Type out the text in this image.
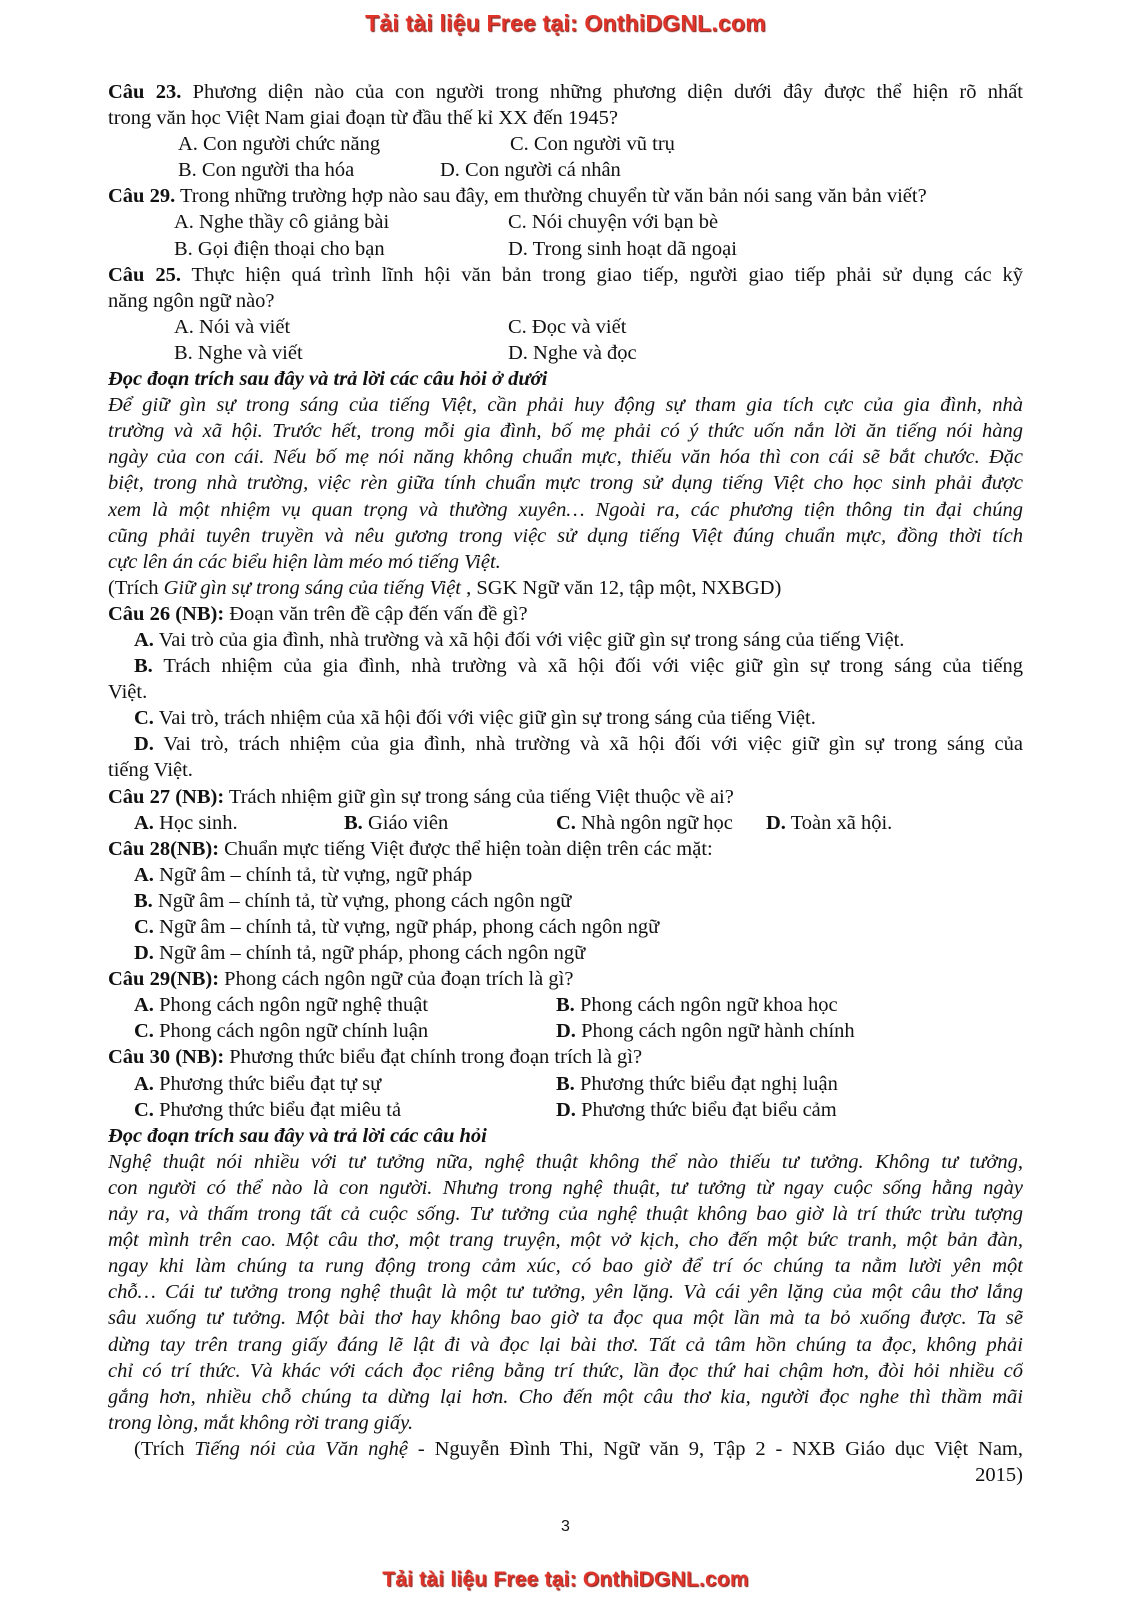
Tải tài liệu Free tại: OnthiDGNL.com
Câu 23. Phương diện nào của con người trong những phương diện dưới đây được thể hiện rõ nhất
trong văn học Việt Nam giai đoạn từ đầu thế kỉ XX đến 1945?
A. Con người chức năng	C. Con người vũ trụ
B. Con người tha hóa	D. Con người cá nhân
Câu 29. Trong những trường hợp nào sau đây, em thường chuyển từ văn bản nói sang văn bản viết?
A. Nghe thầy cô giảng bài	C. Nói chuyện với bạn bè
B. Gọi điện thoại cho bạn	D. Trong sinh hoạt dã ngoại
Câu 25. Thực hiện quá trình lĩnh hội văn bản trong giao tiếp, người giao tiếp phải sử dụng các kỹ
năng ngôn ngữ nào?
A. Nói và viết	C. Đọc và viết
B. Nghe và viết	D. Nghe và đọc
Đọc đoạn trích sau đây và trả lời các câu hỏi ở dưới
Để giữ gìn sự trong sáng của tiếng Việt, cần phải huy động sự tham gia tích cực của gia đình, nhà
trường và xã hội. Trước hết, trong mỗi gia đình, bố mẹ phải có ý thức uốn nắn lời ăn tiếng nói hàng
ngày của con cái. Nếu bố mẹ nói năng không chuẩn mực, thiếu văn hóa thì con cái sẽ bắt chước. Đặc
biệt, trong nhà trường, việc rèn giữa tính chuẩn mực trong sử dụng tiếng Việt cho học sinh phải được
xem là một nhiệm vụ quan trọng và thường xuyên… Ngoài ra, các phương tiện thông tin đại chúng
cũng phải tuyên truyền và nêu gương trong việc sử dụng tiếng Việt đúng chuẩn mực, đồng thời tích
cực lên án các biểu hiện làm méo mó tiếng Việt.
(Trích Giữ gìn sự trong sáng của tiếng Việt , SGK Ngữ văn 12, tập một, NXBGD)
Câu 26 (NB): Đoạn văn trên đề cập đến vấn đề gì?
A. Vai trò của gia đình, nhà trường và xã hội đối với việc giữ gìn sự trong sáng của tiếng Việt.
B. Trách nhiệm của gia đình, nhà trường và xã hội đối với việc giữ gìn sự trong sáng của tiếng
Việt.
C. Vai trò, trách nhiệm của xã hội đối với việc giữ gìn sự trong sáng của tiếng Việt.
D. Vai trò, trách nhiệm của gia đình, nhà trường và xã hội đối với việc giữ gìn sự trong sáng của
tiếng Việt.
Câu 27 (NB): Trách nhiệm giữ gìn sự trong sáng của tiếng Việt thuộc về ai?
A. Học sinh.	B. Giáo viên	C. Nhà ngôn ngữ học D. Toàn xã hội.
Câu 28(NB): Chuẩn mực tiếng Việt được thể hiện toàn diện trên các mặt:
A. Ngữ âm – chính tả, từ vựng, ngữ pháp
B. Ngữ âm – chính tả, từ vựng, phong cách ngôn ngữ
C. Ngữ âm – chính tả, từ vựng, ngữ pháp, phong cách ngôn ngữ
D. Ngữ âm – chính tả, ngữ pháp, phong cách ngôn ngữ
Câu 29(NB): Phong cách ngôn ngữ của đoạn trích là gì?
A. Phong cách ngôn ngữ nghệ thuật	B. Phong cách ngôn ngữ khoa học
C. Phong cách ngôn ngữ chính luận	D. Phong cách ngôn ngữ hành chính
Câu 30 (NB): Phương thức biểu đạt chính trong đoạn trích là gì?
A. Phương thức biểu đạt tự sự	B. Phương thức biểu đạt nghị luận
C. Phương thức biểu đạt miêu tả	D. Phương thức biểu đạt biểu cảm
Đọc đoạn trích sau đây và trả lời các câu hỏi
Nghệ thuật nói nhiều với tư tưởng nữa, nghệ thuật không thể nào thiếu tư tưởng. Không tư tưởng,
con người có thể nào là con người. Nhưng trong nghệ thuật, tư tưởng từ ngay cuộc sống hằng ngày
nảy ra, và thấm trong tất cả cuộc sống. Tư tưởng của nghệ thuật không bao giờ là trí thức trừu tượng
một mình trên cao. Một câu thơ, một trang truyện, một vở kịch, cho đến một bức tranh, một bản đàn,
ngay khi làm chúng ta rung động trong cảm xúc, có bao giờ để trí óc chúng ta nằm lười yên một
chỗ… Cái tư tưởng trong nghệ thuật là một tư tưởng, yên lặng. Và cái yên lặng của một câu thơ lắng
sâu xuống tư tưởng. Một bài thơ hay không bao giờ ta đọc qua một lần mà ta bỏ xuống được. Ta sẽ
dừng tay trên trang giấy đáng lẽ lật đi và đọc lại bài thơ. Tất cả tâm hồn chúng ta đọc, không phải
chỉ có trí thức. Và khác với cách đọc riêng bằng trí thức, lần đọc thứ hai chậm hơn, đòi hỏi nhiều cố
gắng hơn, nhiều chỗ chúng ta dừng lại hơn. Cho đến một câu thơ kia, người đọc nghe thì thầm mãi
trong lòng, mắt không rời trang giấy.
(Trích Tiếng nói của Văn nghệ - Nguyễn Đình Thi, Ngữ văn 9, Tập 2 - NXB Giáo dục Việt Nam,
2015)
3
Tải tài liệu Free tại: OnthiDGNL.com
